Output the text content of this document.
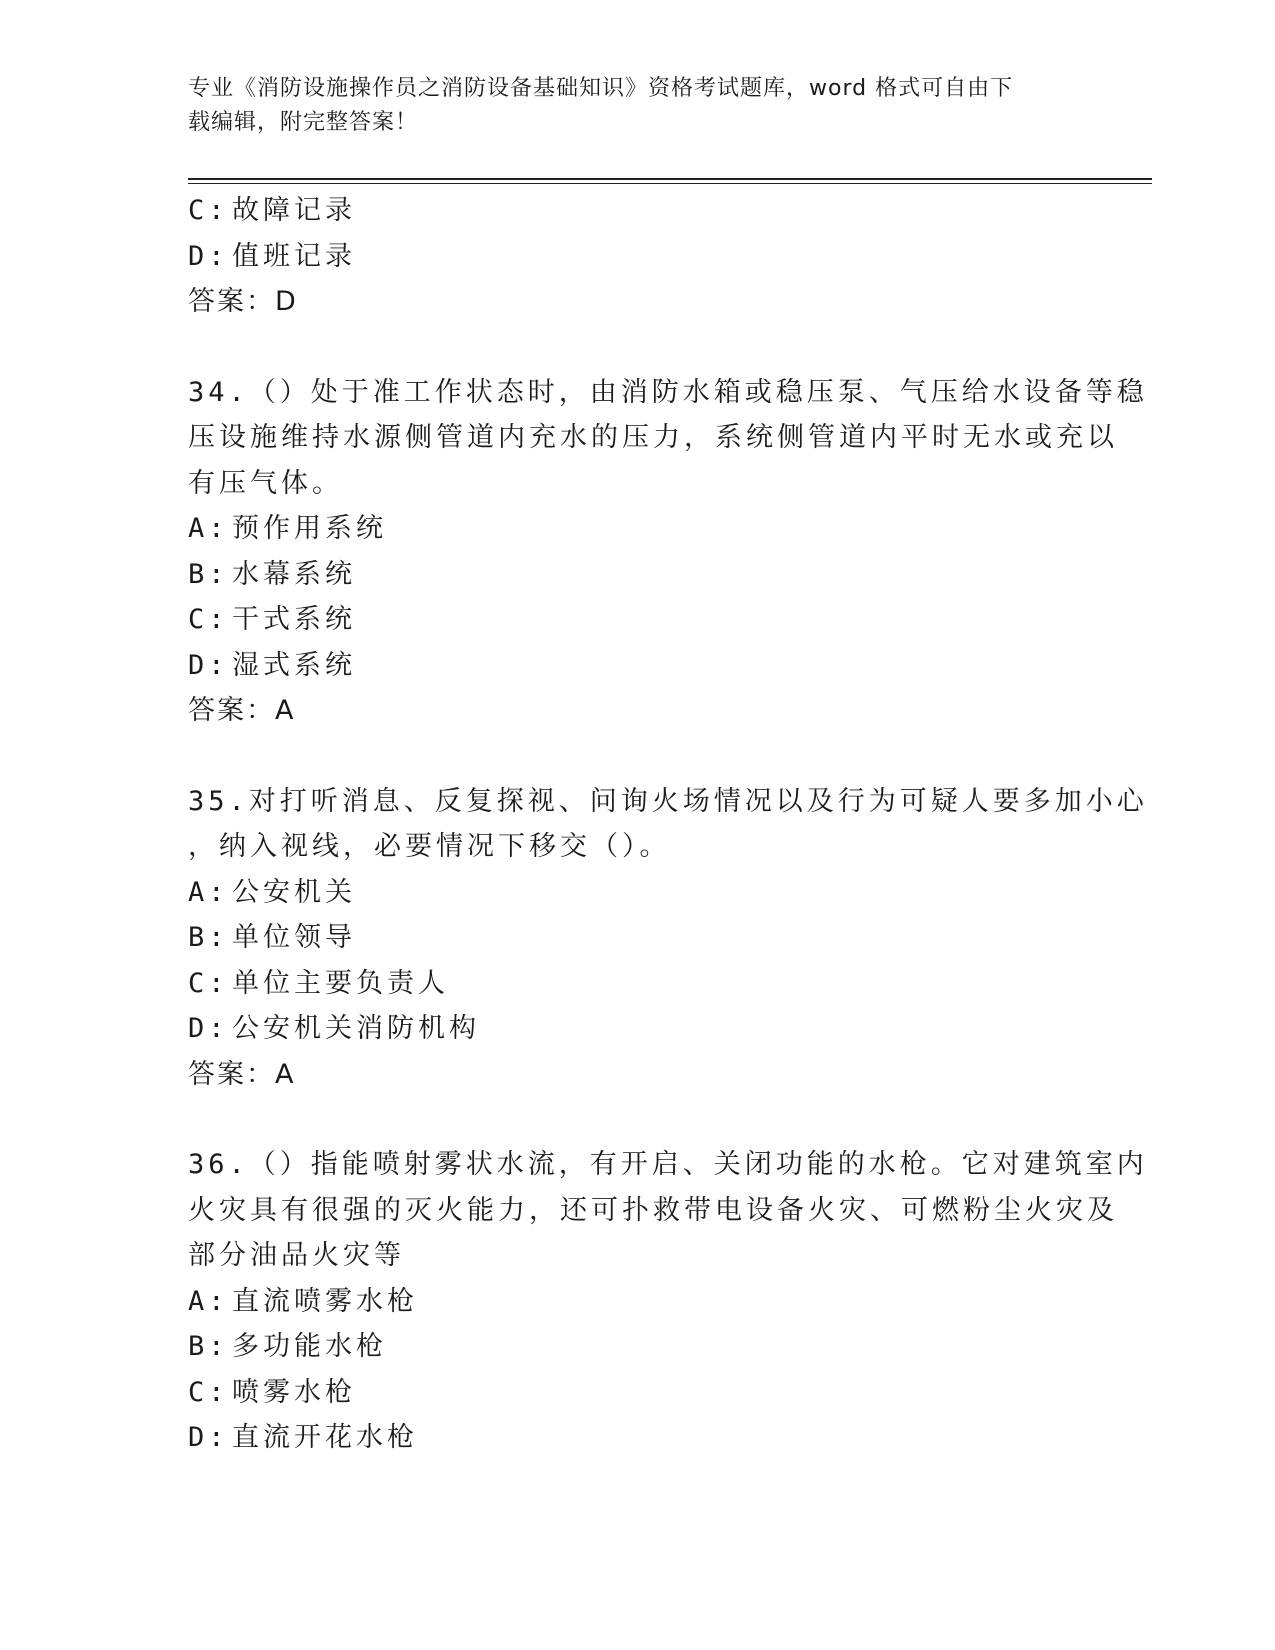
专业《消防设施操作员之消防设备基础知识》资格考试题库，word 格式可自由下
载编辑，附完整答案！
C: 故障记录
D: 值班记录
答案：D
34.（）处于准工作状态时，由消防水箱或稳压泵、气压给水设备等稳
压设施维持水源侧管道内充水的压力，系统侧管道内平时无水或充以
有压气体。
A: 预作用系统
B: 水幕系统
C: 干式系统
D: 湿式系统
答案：A
35.对打听消息、反复探视、问询火场情况以及行为可疑人要多加小心
，纳入视线，必要情况下移交（）。
A: 公安机关
B: 单位领导
C: 单位主要负责人
D: 公安机关消防机构
答案：A
36.（）指能喷射雾状水流，有开启、关闭功能的水枪。它对建筑室内
火灾具有很强的灭火能力，还可扑救带电设备火灾、可燃粉尘火灾及
部分油品火灾等
A: 直流喷雾水枪
B: 多功能水枪
C: 喷雾水枪
D: 直流开花水枪
